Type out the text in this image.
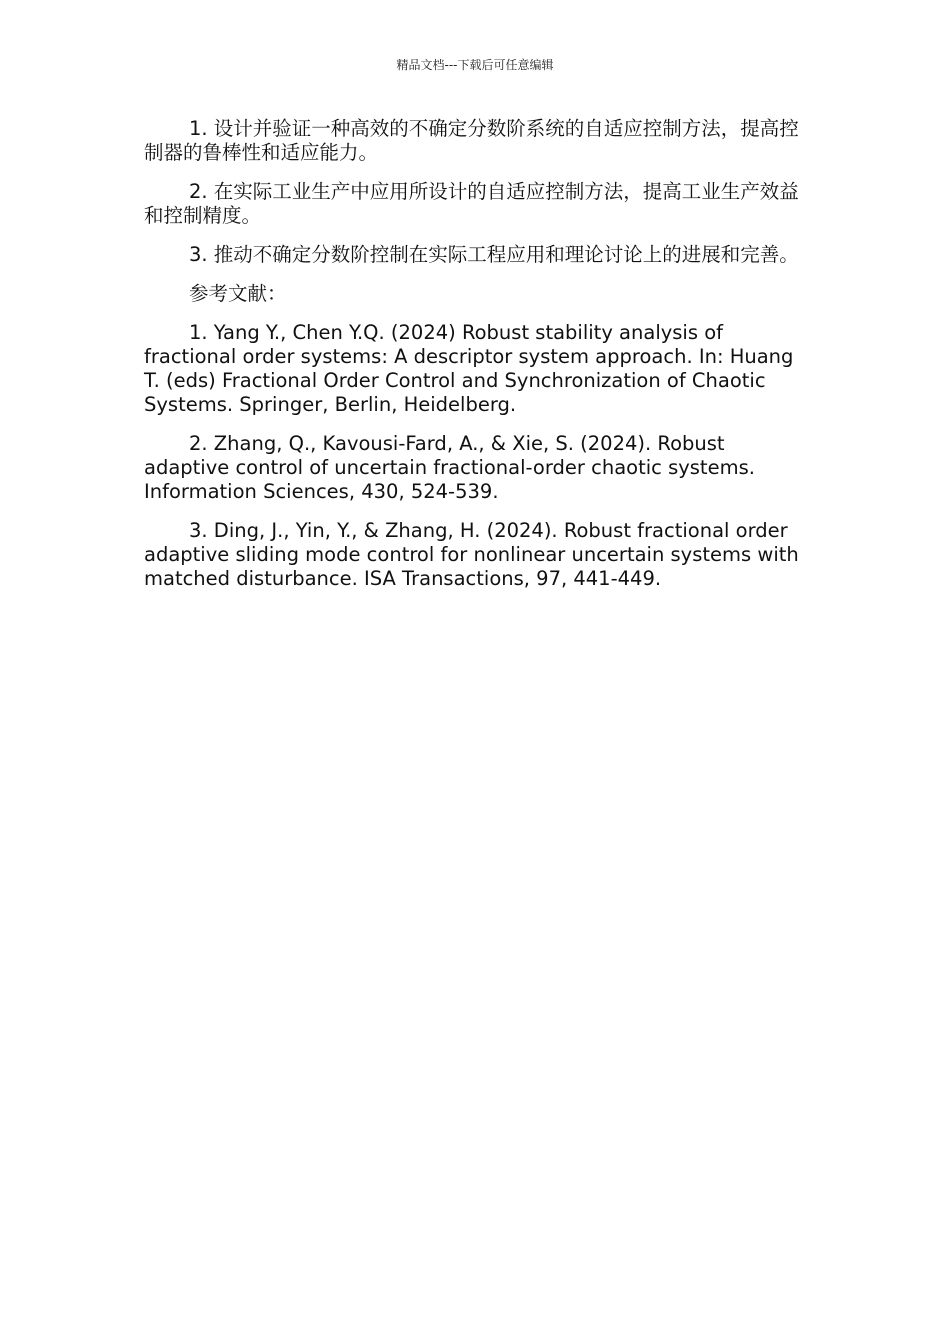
精品文档---下载后可任意编辑

1. 设计并验证一种高效的不确定分数阶系统的自适应控制方法，提高控制器的鲁棒性和适应能力。

2. 在实际工业生产中应用所设计的自适应控制方法，提高工业生产效益和控制精度。

3. 推动不确定分数阶控制在实际工程应用和理论讨论上的进展和完善。

参考文献：

1. Yang Y., Chen Y.Q. (2024) Robust stability analysis of fractional order systems: A descriptor system approach. In: Huang T. (eds) Fractional Order Control and Synchronization of Chaotic Systems. Springer, Berlin, Heidelberg.

2. Zhang, Q., Kavousi-Fard, A., & Xie, S. (2024). Robust adaptive control of uncertain fractional-order chaotic systems. Information Sciences, 430, 524-539.

3. Ding, J., Yin, Y., & Zhang, H. (2024). Robust fractional order adaptive sliding mode control for nonlinear uncertain systems with matched disturbance. ISA Transactions, 97, 441-449.
